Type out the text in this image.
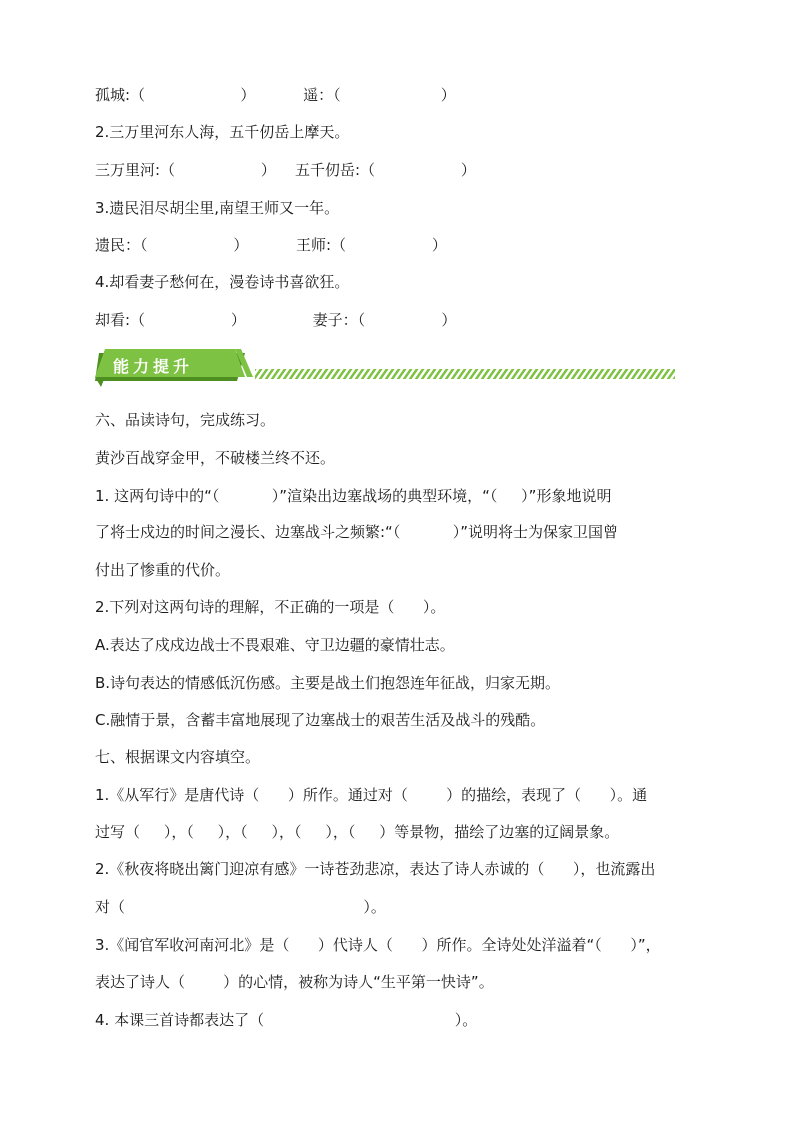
孤城:（                    ）          遥：（                     ）

2.三万里河东人海，五千仞岳上摩天。

三万里河:（                  ）    五千仞岳:（                  ）

3.遗民泪尽胡尘里,南望王师又一年。

遗民：（                  ）          王师:（                  ）

4.却看妻子愁何在，漫卷诗书喜欲狂。

却看:（                  ）              妻子：（                ）

能力提升

六、品读诗句，完成练习。

黄沙百战穿金甲，不破楼兰终不还。

1. 这两句诗中的“（           ）”渲染出边塞战场的典型环境，“（     ）”形象地说明

了将士戍边的时间之漫长、边塞战斗之频繁:“（           ）”说明将士为保家卫国曾

付出了惨重的代价。

2.下列对这两句诗的理解，不正确的一项是（      ）。

A.表达了戍戍边战士不畏艰难、守卫边疆的豪情壮志。

B.诗句表达的情感低沉伤感。主要是战土们抱怨连年征战，归家无期。

C.融情于景，含蓄丰富地展现了边塞战士的艰苦生活及战斗的残酷。

七、根据课文内容填空。

1.《从军行》是唐代诗（      ）所作。通过对（        ）的描绘，表现了（      ）。通

过写（     ），（     ），（     ），（     ），（     ）等景物，描绘了边塞的辽阔景象。

2.《秋夜将晓出篱门迎凉有感》一诗苍劲悲凉，表达了诗人赤诚的（      ），也流露出

对（                                                  ）。

3.《闻官军收河南河北》是（      ）代诗人（      ）所作。全诗处处洋溢着“（      ）”，

表达了诗人（        ）的心情，被称为诗人“生平第一快诗”。

4. 本课三首诗都表达了（                                        ）。
